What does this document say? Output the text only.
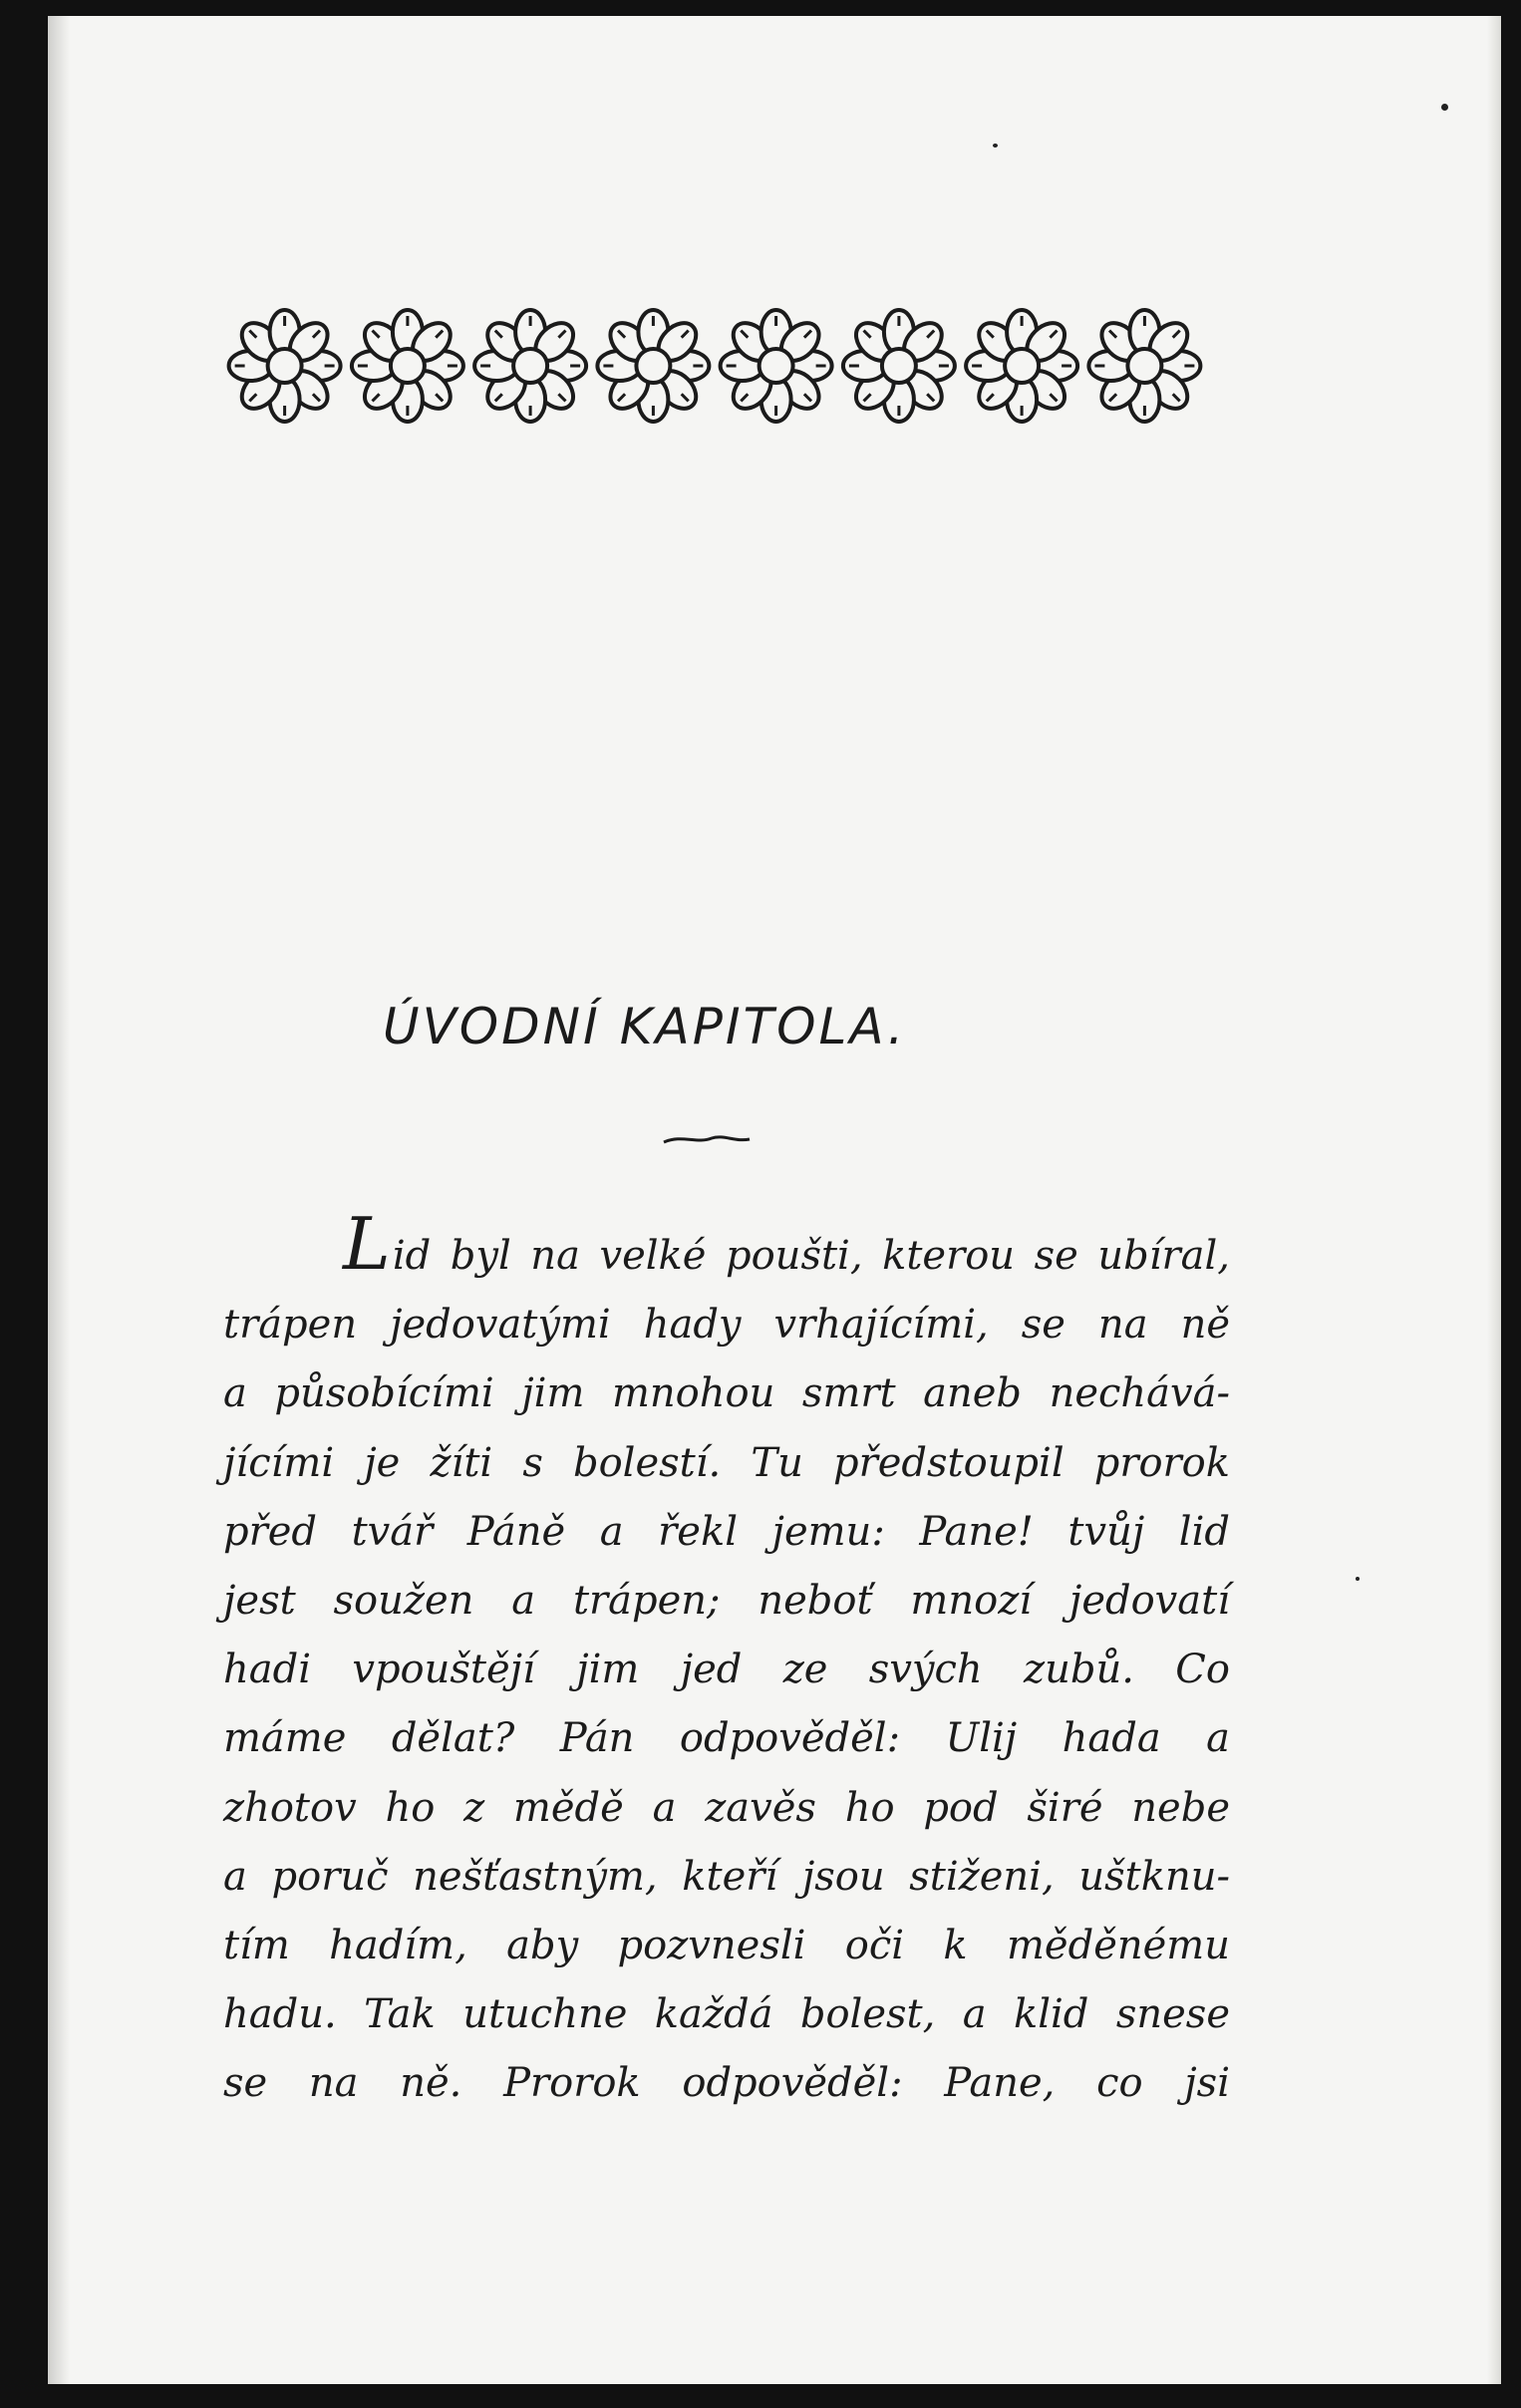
ÚVODNÍ KAPITOLA.
Lid byl na velké poušti, kterou se ubíral,
trápen jedovatými hady vrhajícími, se na ně
a působícími jim mnohou smrt aneb nechává-
jícími je žíti s bolestí. Tu předstoupil prorok
před tvář Páně a řekl jemu: Pane! tvůj lid
jest soužen a trápen; neboť mnozí jedovatí
hadi vpouštějí jim jed ze svých zubů. Co
máme dělat? Pán odpověděl: Ulij hada a
zhotov ho z mědě a zavěs ho pod širé nebe
a poruč nešťastným, kteří jsou stiženi, uštknu-
tím hadím, aby pozvnesli oči k měděnému
hadu. Tak utuchne každá bolest, a klid snese
se na ně. Prorok odpověděl: Pane, co jsi
